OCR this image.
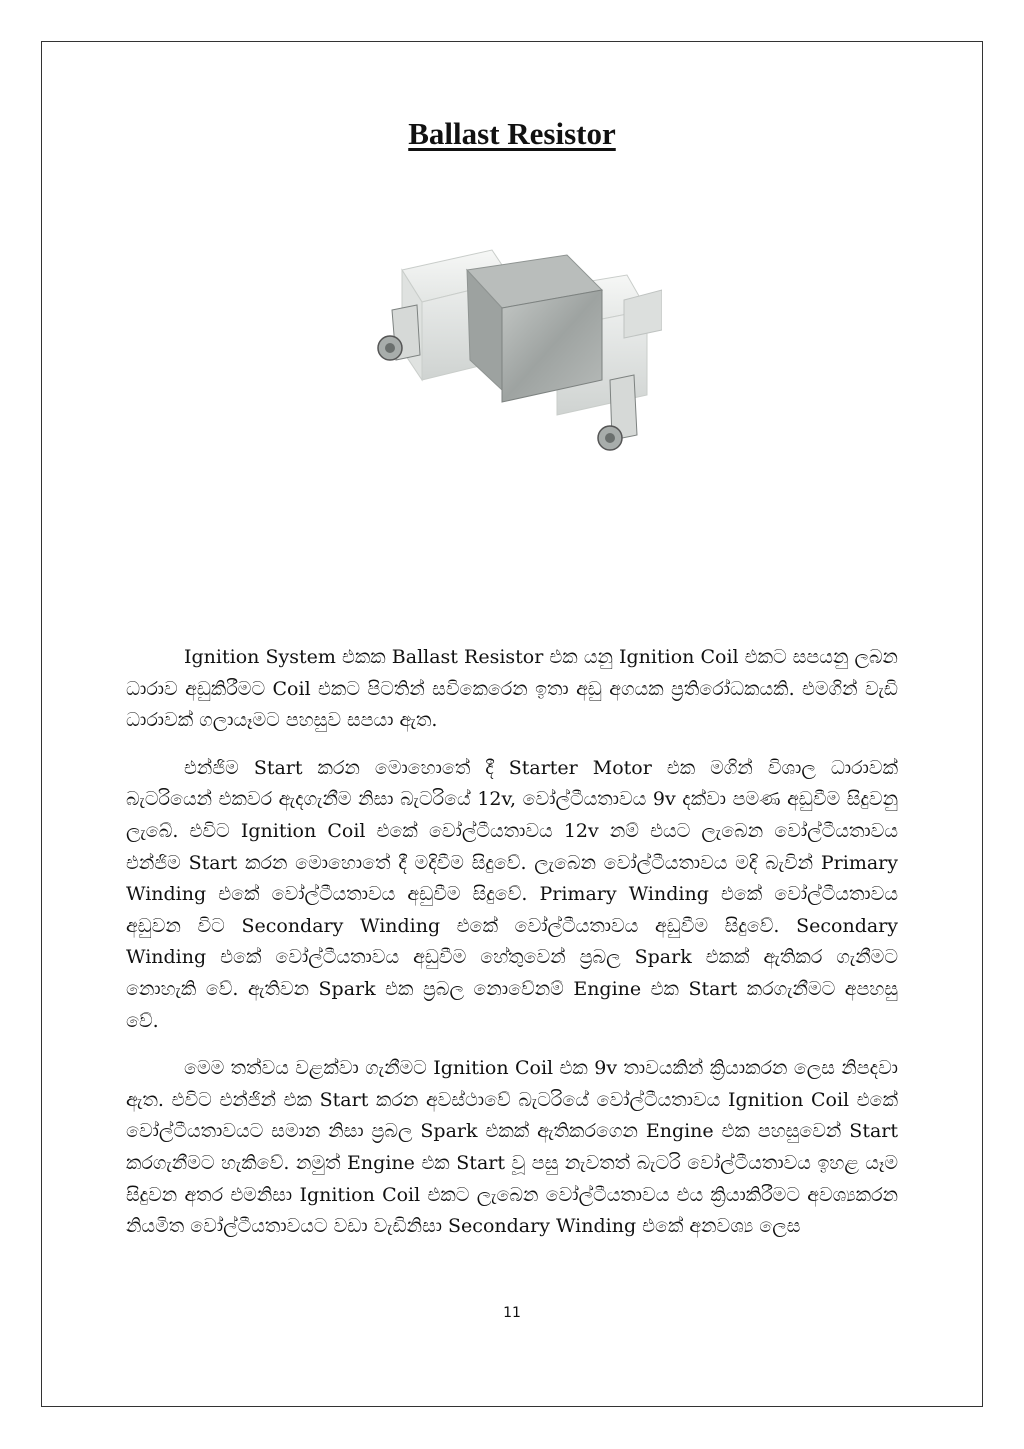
Ballast Resistor

Ignition System එකක Ballast Resistor එක යනු Ignition Coil එකට සපයනු ලබන ධාරාව අඩුකිරීමට Coil එකට පිටතින් සවිකෙරෙන ඉතා අඩු අගයක ප්‍රතිරෝධකයකි. එමගින් වැඩි ධාරාවක් ගලායෑමට පහසුව සපයා ඇත.

එන්ජිම Start කරන මොහොතේ දී Starter Motor එක මගින් විශාල ධාරාවක් බැටරියෙන් එකවර ඇදගැනීම නිසා බැටරියේ 12v, වෝල්ටීයතාවය 9v දක්වා පමණ අඩුවීම සිදුවනු ලැබේ. එවිට Ignition Coil එකේ වෝල්ටීයතාවය 12v නම් එයට ලැබෙන වෝල්ටීයතාවය එන්ජිම Start කරන මොහොතේ දී මදිවීම සිදුවේ. ලැබෙන වෝල්ටීයතාවය මදි බැවින් Primary Winding එකේ වෝල්ටීයතාවය අඩුවීම සිදුවේ. Primary Winding එකේ වෝල්ටීයතාවය අඩුවන විට Secondary Winding එකේ වෝල්ටීයතාවය අඩුවීම සිදුවේ. Secondary Winding එකේ වෝල්ටීයතාවය අඩුවීම හේතුවෙන් ප්‍රබල Spark එකක් ඇතිකර ගැනීමට නොහැකි වේ. ඇතිවන Spark එක ප්‍රබල නොවේනම් Engine එක Start කරගැනීමට අපහසු වේ.

මෙම තත්වය වළක්වා ගැනීමට Ignition Coil එක 9v තාවයකින් ක්‍රියාකරන ලෙස නිපදවා ඇත. එවිට එන්ජින් එක Start කරන අවස්ථාවේ බැටරියේ වෝල්ටීයතාවය Ignition Coil එකේ වෝල්ටීයතාවයට සමාන නිසා ප්‍රබල Spark එකක් ඇතිකරගෙන Engine එක පහසුවෙන් Start කරගැනීමට හැකිවේ. නමුත් Engine එක Start වූ පසු නැවතත් බැටරි වෝල්ටීයතාවය ඉහළ යෑම සිදුවන අතර එමනිසා Ignition Coil එකට ලැබෙන වෝල්ටීයතාවය එය ක්‍රියාකිරීමට අවශ්‍යකරන නියමිත වෝල්ටීයතාවයට වඩා වැඩිනිසා Secondary Winding එකේ අනවශ්‍ය ලෙස

11
